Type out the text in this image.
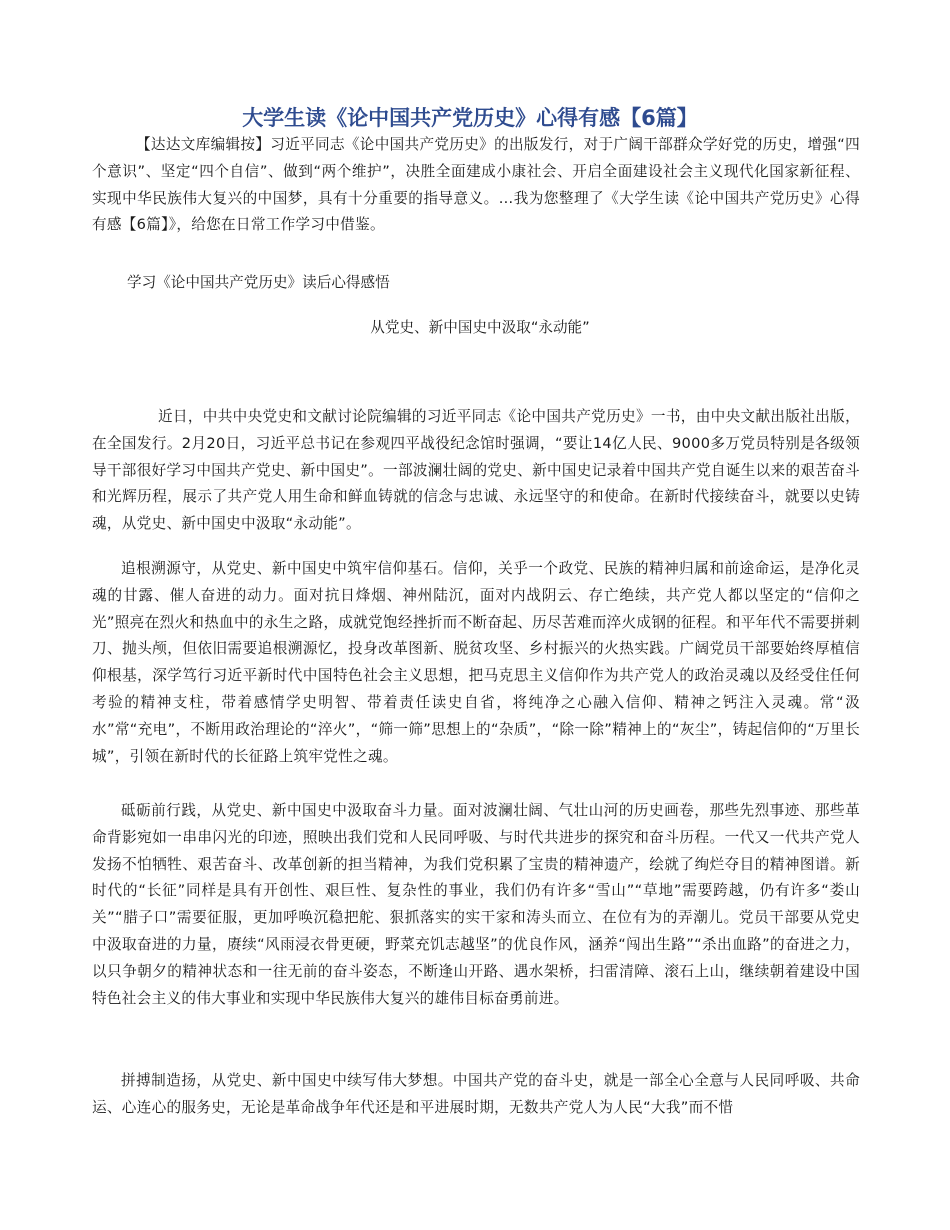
大学生读《论中国共产党历史》心得有感【6篇】

【达达文库编辑按】习近平同志《论中国共产党历史》的出版发行，对于广阔干部群众学好党的历史，增强“四个意识”、坚定“四个自信”、做到“两个维护”，决胜全面建成小康社会、开启全面建设社会主义现代化国家新征程、实现中华民族伟大复兴的中国梦，具有十分重要的指导意义。…我为您整理了《大学生读《论中国共产党历史》心得有感【6篇】》，给您在日常工作学习中借鉴。

学习《论中国共产党历史》读后心得感悟

从党史、新中国史中汲取“永动能”

近日，中共中央党史和文献讨论院编辑的习近平同志《论中国共产党历史》一书，由中央文献出版社出版，在全国发行。2月20日，习近平总书记在参观四平战役纪念馆时强调，“要让14亿人民、9000多万党员特别是各级领导干部很好学习中国共产党史、新中国史”。一部波澜壮阔的党史、新中国史记录着中国共产党自诞生以来的艰苦奋斗和光辉历程，展示了共产党人用生命和鲜血铸就的信念与忠诚、永远坚守的和使命。在新时代接续奋斗，就要以史铸魂，从党史、新中国史中汲取“永动能”。

追根溯源守，从党史、新中国史中筑牢信仰基石。信仰，关乎一个政党、民族的精神归属和前途命运，是净化灵魂的甘露、催人奋进的动力。面对抗日烽烟、神州陆沉，面对内战阴云、存亡绝续，共产党人都以坚定的“信仰之光”照亮在烈火和热血中的永生之路，成就党饱经挫折而不断奋起、历尽苦难而淬火成钢的征程。和平年代不需要拼刺刀、抛头颅，但依旧需要追根溯源忆，投身改革图新、脱贫攻坚、乡村振兴的火热实践。广阔党员干部要始终厚植信仰根基，深学笃行习近平新时代中国特色社会主义思想，把马克思主义信仰作为共产党人的政治灵魂以及经受住任何考验的精神支柱，带着感情学史明智、带着责任读史自省，将纯净之心融入信仰、精神之钙注入灵魂。常“汲水”常“充电”，不断用政治理论的“淬火”，“筛一筛”思想上的“杂质”，“除一除”精神上的“灰尘”，铸起信仰的“万里长城”，引领在新时代的长征路上筑牢党性之魂。

砥砺前行践，从党史、新中国史中汲取奋斗力量。面对波澜壮阔、气壮山河的历史画卷，那些先烈事迹、那些革命背影宛如一串串闪光的印迹，照映出我们党和人民同呼吸、与时代共进步的探究和奋斗历程。一代又一代共产党人发扬不怕牺牲、艰苦奋斗、改革创新的担当精神，为我们党积累了宝贵的精神遗产，绘就了绚烂夺目的精神图谱。新时代的“长征”同样是具有开创性、艰巨性、复杂性的事业，我们仍有许多“雪山”“草地”需要跨越，仍有许多“娄山关”“腊子口”需要征服，更加呼唤沉稳把舵、狠抓落实的实干家和涛头而立、在位有为的弄潮儿。党员干部要从党史中汲取奋进的力量，赓续“风雨浸衣骨更硬，野菜充饥志越坚”的优良作风，涵养“闯出生路”“杀出血路”的奋进之力，以只争朝夕的精神状态和一往无前的奋斗姿态，不断逢山开路、遇水架桥，扫雷清障、滚石上山，继续朝着建设中国特色社会主义的伟大事业和实现中华民族伟大复兴的雄伟目标奋勇前进。

拼搏制造扬，从党史、新中国史中续写伟大梦想。中国共产党的奋斗史，就是一部全心全意与人民同呼吸、共命运、心连心的服务史，无论是革命战争年代还是和平进展时期，无数共产党人为人民“大我”而不惜
